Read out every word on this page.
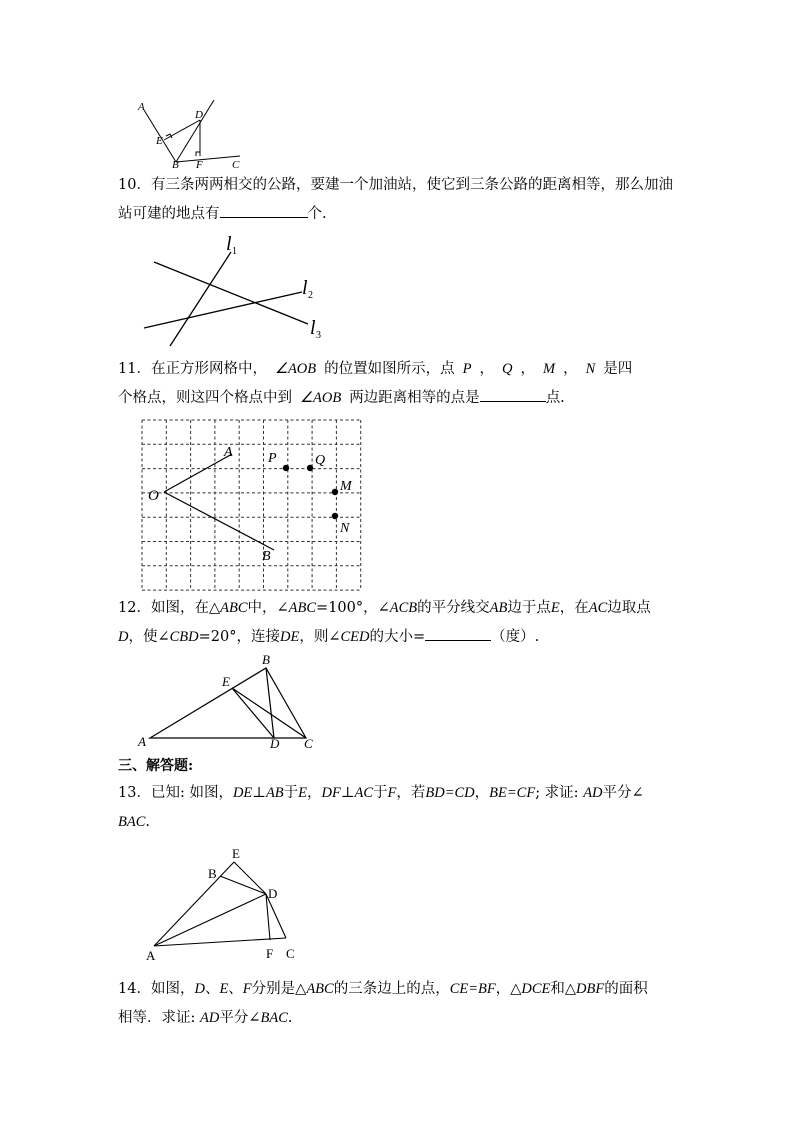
A
E
D
B F	C
10．有三条两两相交的公路，要建一个加油站，使它到三条公路的距离相等，那么加油
站可建的地点有	个.
l 1
l 2
l 3
11．在正方形网格中， ∠AOB 的位置如图所示，点 P ， Q ， M ， N 是四
个格点，则这四个格点中到 ∠AOB 两边距离相等的点是	点.
O
A
B
P	Q
M
N
12．如图，在△ABC中，∠ABC=100°，∠ACB的平分线交AB边于点E，在AC边取点
D，使∠CBD=20°，连接DE，则∠CED的大小=	（度）.
A
B
C
D
E
三、解答题:
13．已知: 如图，DE⊥AB于E，DF⊥AC于F，若BD=CD，BE=CF; 求证: AD平分∠
BAC.
A
B
C
D
E
F
14．如图，D、E、F分别是△ABC的三条边上的点，CE=BF，△DCE和△DBF的面积
相等．求证: AD平分∠BAC.
